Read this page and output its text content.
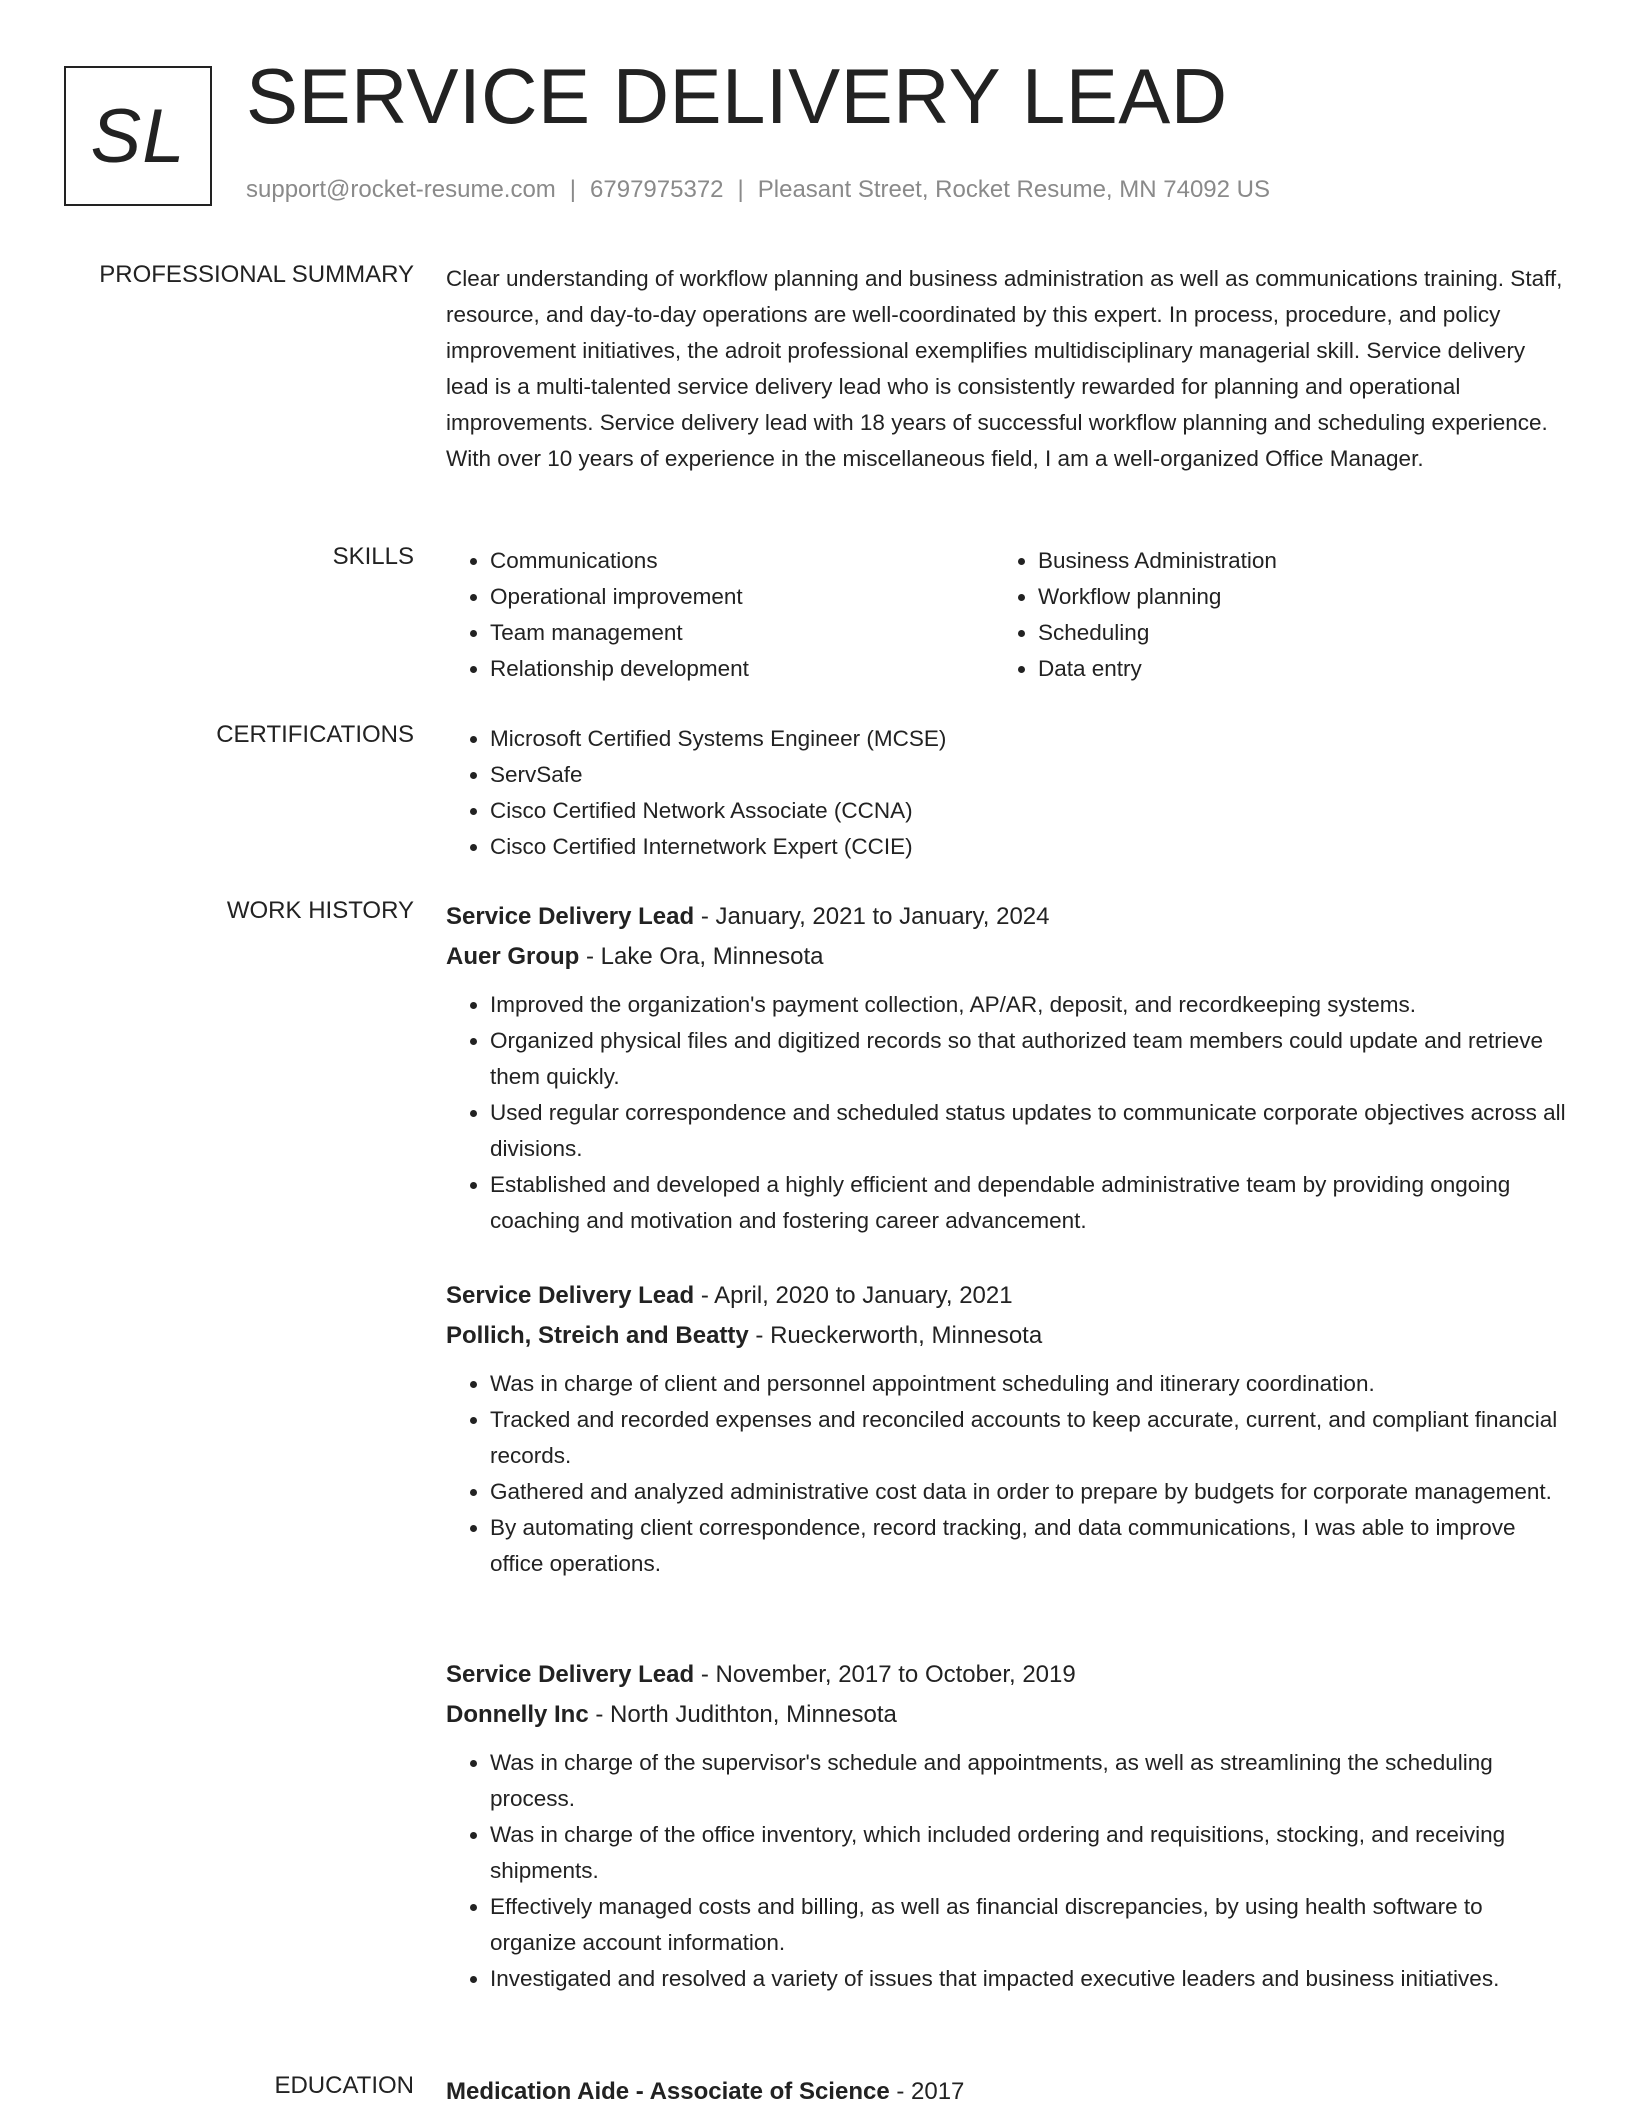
SL SERVICE DELIVERY LEAD
support@rocket-resume.com | 6797975372 | Pleasant Street, Rocket Resume, MN 74092 US
PROFESSIONAL SUMMARY Clear understanding of workflow planning and business administration as well as communications training. Staff, resource, and day-to-day operations are well-coordinated by this expert. In process, procedure, and policy improvement initiatives, the adroit professional exemplifies multidisciplinary managerial skill. Service delivery lead is a multi-talented service delivery lead who is consistently rewarded for planning and operational improvements. Service delivery lead with 18 years of successful workflow planning and scheduling experience. With over 10 years of experience in the miscellaneous field, I am a well-organized Office Manager.

SKILLS	• Communications
• Operational improvement
• Team management
• Relationship development
• Business Administration
• Workflow planning
• Scheduling
• Data entry
CERTIFICATIONS	• Microsoft Certified Systems Engineer (MCSE)
• ServSafe
• Cisco Certified Network Associate (CCNA)
• Cisco Certified Internetwork Expert (CCIE)
WORK HISTORY Service Delivery Lead - January, 2021 to January, 2024
Auer Group - Lake Ora, Minnesota
• Improved the organization's payment collection, AP/AR, deposit, and recordkeeping systems.
• Organized physical files and digitized records so that authorized team members could update and retrieve them quickly.
• Used regular correspondence and scheduled status updates to communicate corporate objectives across all divisions.
• Established and developed a highly efficient and dependable administrative team by providing ongoing coaching and motivation and fostering career advancement.
Service Delivery Lead - April, 2020 to January, 2021
Pollich, Streich and Beatty - Rueckerworth, Minnesota
• Was in charge of client and personnel appointment scheduling and itinerary coordination.
• Tracked and recorded expenses and reconciled accounts to keep accurate, current, and compliant financial records.
• Gathered and analyzed administrative cost data in order to prepare by budgets for corporate management.
• By automating client correspondence, record tracking, and data communications, I was able to improve office operations.
Service Delivery Lead - November, 2017 to October, 2019
Donnelly Inc - North Judithton, Minnesota
• Was in charge of the supervisor's schedule and appointments, as well as streamlining the scheduling process.
• Was in charge of the office inventory, which included ordering and requisitions, stocking, and receiving shipments.
• Effectively managed costs and billing, as well as financial discrepancies, by using health software to organize account information.
• Investigated and resolved a variety of issues that impacted executive leaders and business initiatives.
EDUCATION Medication Aide - Associate of Science - 2017
